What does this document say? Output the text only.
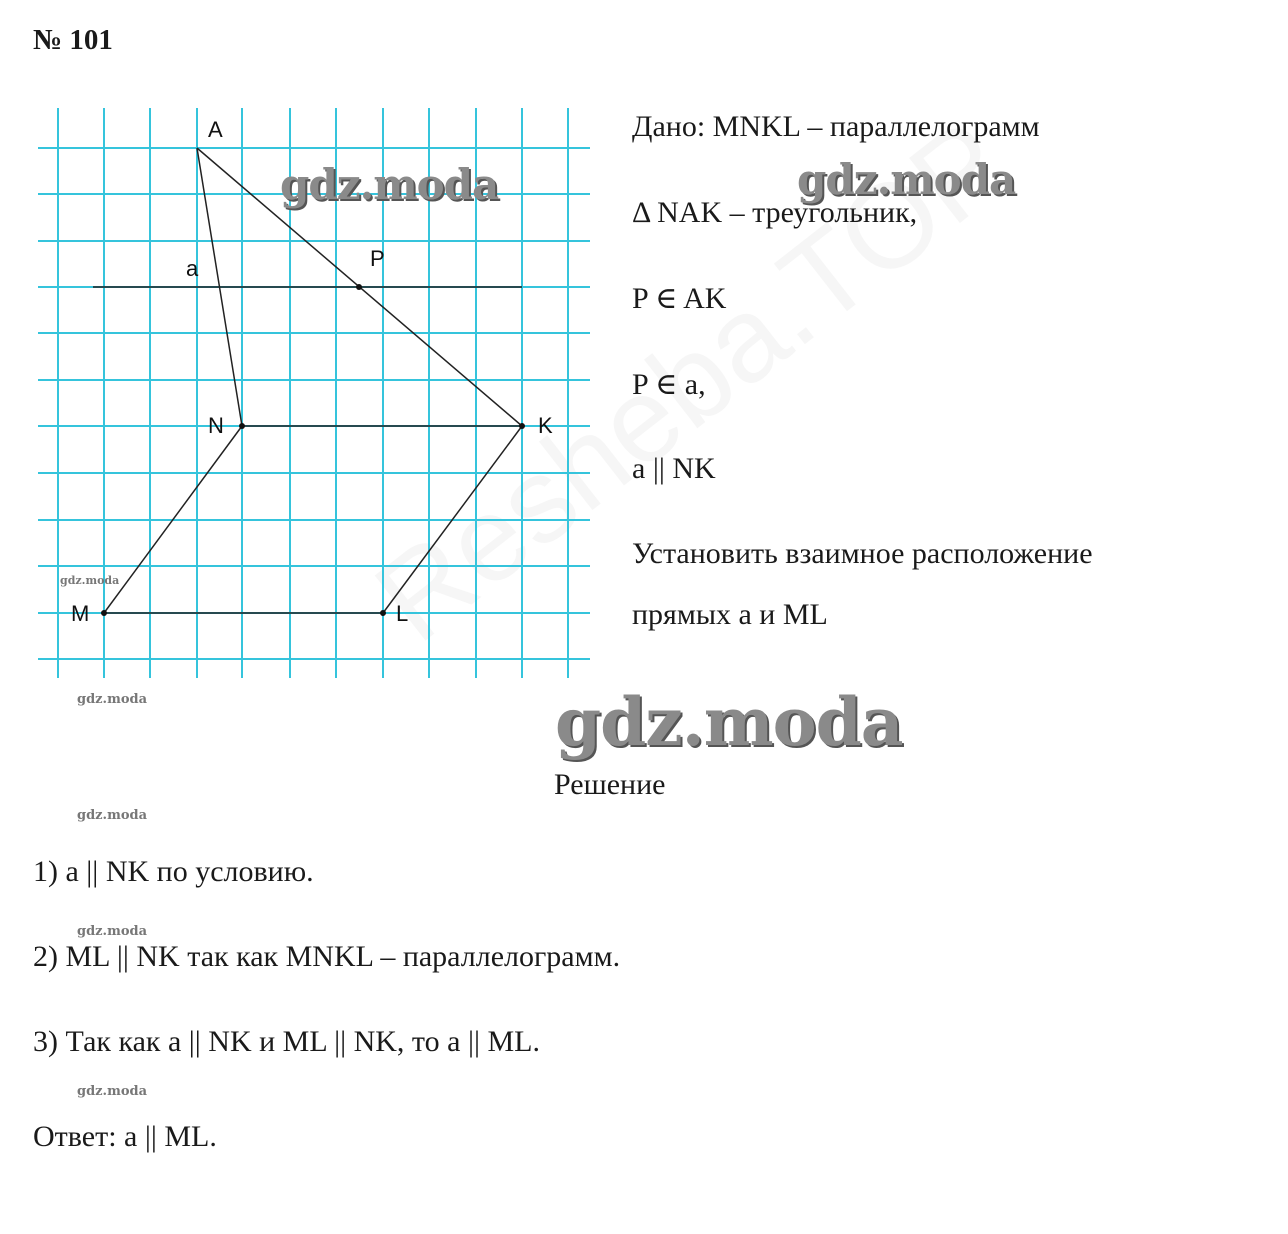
№ 101
A
P
a
N	K
M	L
Дано: MNKL – параллелограмм
Δ NAK – треугольник,
P ∈ AK
P ∈ a,
a || NK
Установить взаимное расположение
прямых a и ML
gdz.moda	gdz.moda
gdz.moda
gdz.moda
gdz.moda
gdz.moda
gdz.moda
gdz.moda
Решение
1) a || NK по условию.
2) ML || NK так как MNKL – параллелограмм.
3) Так как a || NK и ML || NK, то a || ML.
Ответ: a || ML.
